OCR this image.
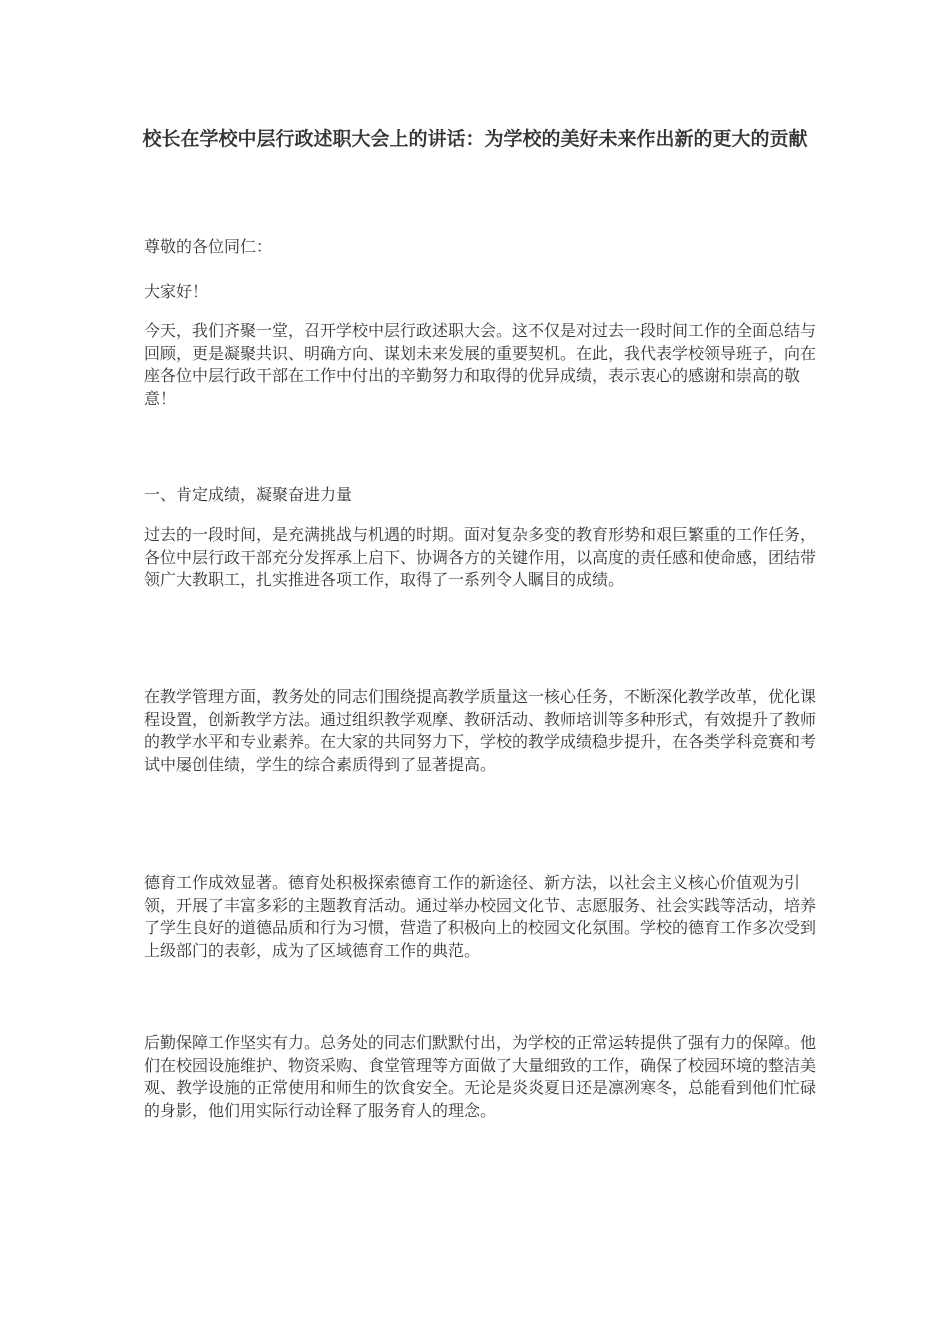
校长在学校中层行政述职大会上的讲话：为学校的美好未来作出新的更大的贡献

尊敬的各位同仁：

大家好！

今天，我们齐聚一堂，召开学校中层行政述职大会。这不仅是对过去一段时间工作的全面总结与回顾，更是凝聚共识、明确方向、谋划未来发展的重要契机。在此，我代表学校领导班子，向在座各位中层行政干部在工作中付出的辛勤努力和取得的优异成绩，表示衷心的感谢和崇高的敬意！

一、肯定成绩，凝聚奋进力量

过去的一段时间，是充满挑战与机遇的时期。面对复杂多变的教育形势和艰巨繁重的工作任务，各位中层行政干部充分发挥承上启下、协调各方的关键作用，以高度的责任感和使命感，团结带领广大教职工，扎实推进各项工作，取得了一系列令人瞩目的成绩。

在教学管理方面，教务处的同志们围绕提高教学质量这一核心任务，不断深化教学改革，优化课程设置，创新教学方法。通过组织教学观摩、教研活动、教师培训等多种形式，有效提升了教师的教学水平和专业素养。在大家的共同努力下，学校的教学成绩稳步提升，在各类学科竞赛和考试中屡创佳绩，学生的综合素质得到了显著提高。

德育工作成效显著。德育处积极探索德育工作的新途径、新方法，以社会主义核心价值观为引领，开展了丰富多彩的主题教育活动。通过举办校园文化节、志愿服务、社会实践等活动，培养了学生良好的道德品质和行为习惯，营造了积极向上的校园文化氛围。学校的德育工作多次受到上级部门的表彰，成为了区域德育工作的典范。

后勤保障工作坚实有力。总务处的同志们默默付出，为学校的正常运转提供了强有力的保障。他们在校园设施维护、物资采购、食堂管理等方面做了大量细致的工作，确保了校园环境的整洁美观、教学设施的正常使用和师生的饮食安全。无论是炎炎夏日还是凛冽寒冬，总能看到他们忙碌的身影，他们用实际行动诠释了服务育人的理念。
